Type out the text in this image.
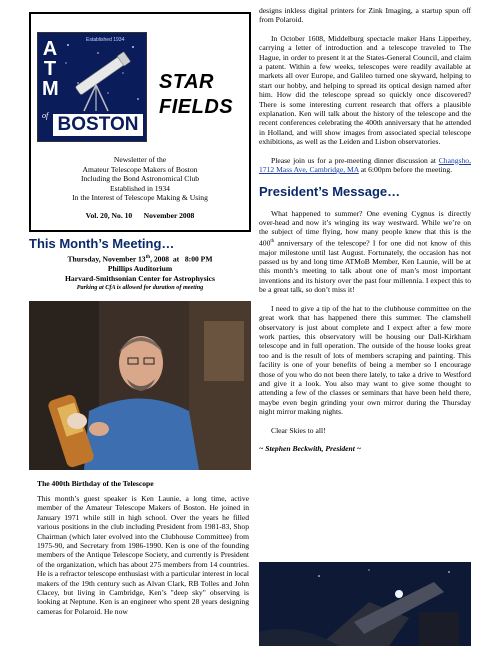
Established 1934
A
T
M
of BOSTON
STAR
FIELDS
Newsletter of the
Amateur Telescope Makers of Boston
Including the Bond Astronomical Club
Established in 1934
In the Interest of Telescope Making & Using
Vol. 20, No. 10      November 2008
This Month’s Meeting…
Thursday, November 13th, 2008  at   8:00 PM
Phillips Auditorium
Harvard-Smithsonian Center for Astrophysics
Parking at CfA is allowed for duration of meeting
The 400th Birthday of the Telescope

This month’s guest speaker is Ken Launie, a long time, active member of the Amateur Telescope Makers of Boston. He joined in January 1971 while still in high school. Over the years he filled various positions in the club including President from 1981-83, Shop Chairman (which later evolved into the Clubhouse Committee) from 1975-90, and Secretary from 1986-1990. Ken is one of the founding members of the Antique Telescope Society, and currently is President of the organization, which has about 275 members from 14 countries. He is a refractor telescope enthusiast with a particular interest in local makers of the 19th century such as Alvan Clark, RB Tolles and John Clacey, but living in Cambridge, Ken’s "deep sky" observing is looking at Neptune. Ken is an engineer who spent 28 years designing cameras for Polaroid. He now

designs inkless digital printers for Zink Imaging, a startup spun off from Polaroid.

In October 1608, Middelburg spectacle maker Hans Lipperhey, carrying a letter of introduction and a telescope traveled to The Hague, in order to present it at the States-General Council, and claim a patent. Within a few weeks, telescopes were readily available at markets all over Europe, and Galileo turned one skyward, helping to start our hobby, and helping to spread its optical design named after him. How did the telescope spread so quickly once discovered? There is some interesting current research that offers a plausible explanation. Ken will talk about the history of the telescope and the recent conferences celebrating the 400th anniversary that he attended in Holland, and will show images from associated special telescope exhibitions, as well as the Leiden and Lisbon observatories.

Please join us for a pre-meeting dinner discussion at Changsho, 1712 Mass Ave, Cambridge, MA at 6:00pm before the meeting.

President’s Message…

What happened to summer? One evening Cygnus is directly over-head and now it’s winging its way westward. While we’re on the subject of time flying, how many people knew that this is the 400th anniversary of the telescope? I for one did not know of this major milestone until last August. Fortunately, the occasion has not passed us by and long time ATMoB Member, Ken Launie, will be at this month’s meeting to talk about one of man’s most important inventions and its history over the past four millennia. I expect this to be a great talk, so don’t miss it!

I need to give a tip of the hat to the clubhouse committee on the great work that has happened there this summer. The clamshell observatory is just about complete and I expect after a few more work parties, this observatory will be housing our Dall-Kirkham telescope and in full operation. The outside of the house looks great too and is the result of lots of members scraping and painting. This facility is one of your benefits of being a member so I encourage those of you who do not been there lately, to take a drive to Westford and give it a look. You also may want to give some thought to attending a few of the classes or seminars that have been held there, maybe even begin grinding your own mirror during the Thursday night mirror making nights.

Clear Skies to all!

~ Stephen Beckwith, President ~
